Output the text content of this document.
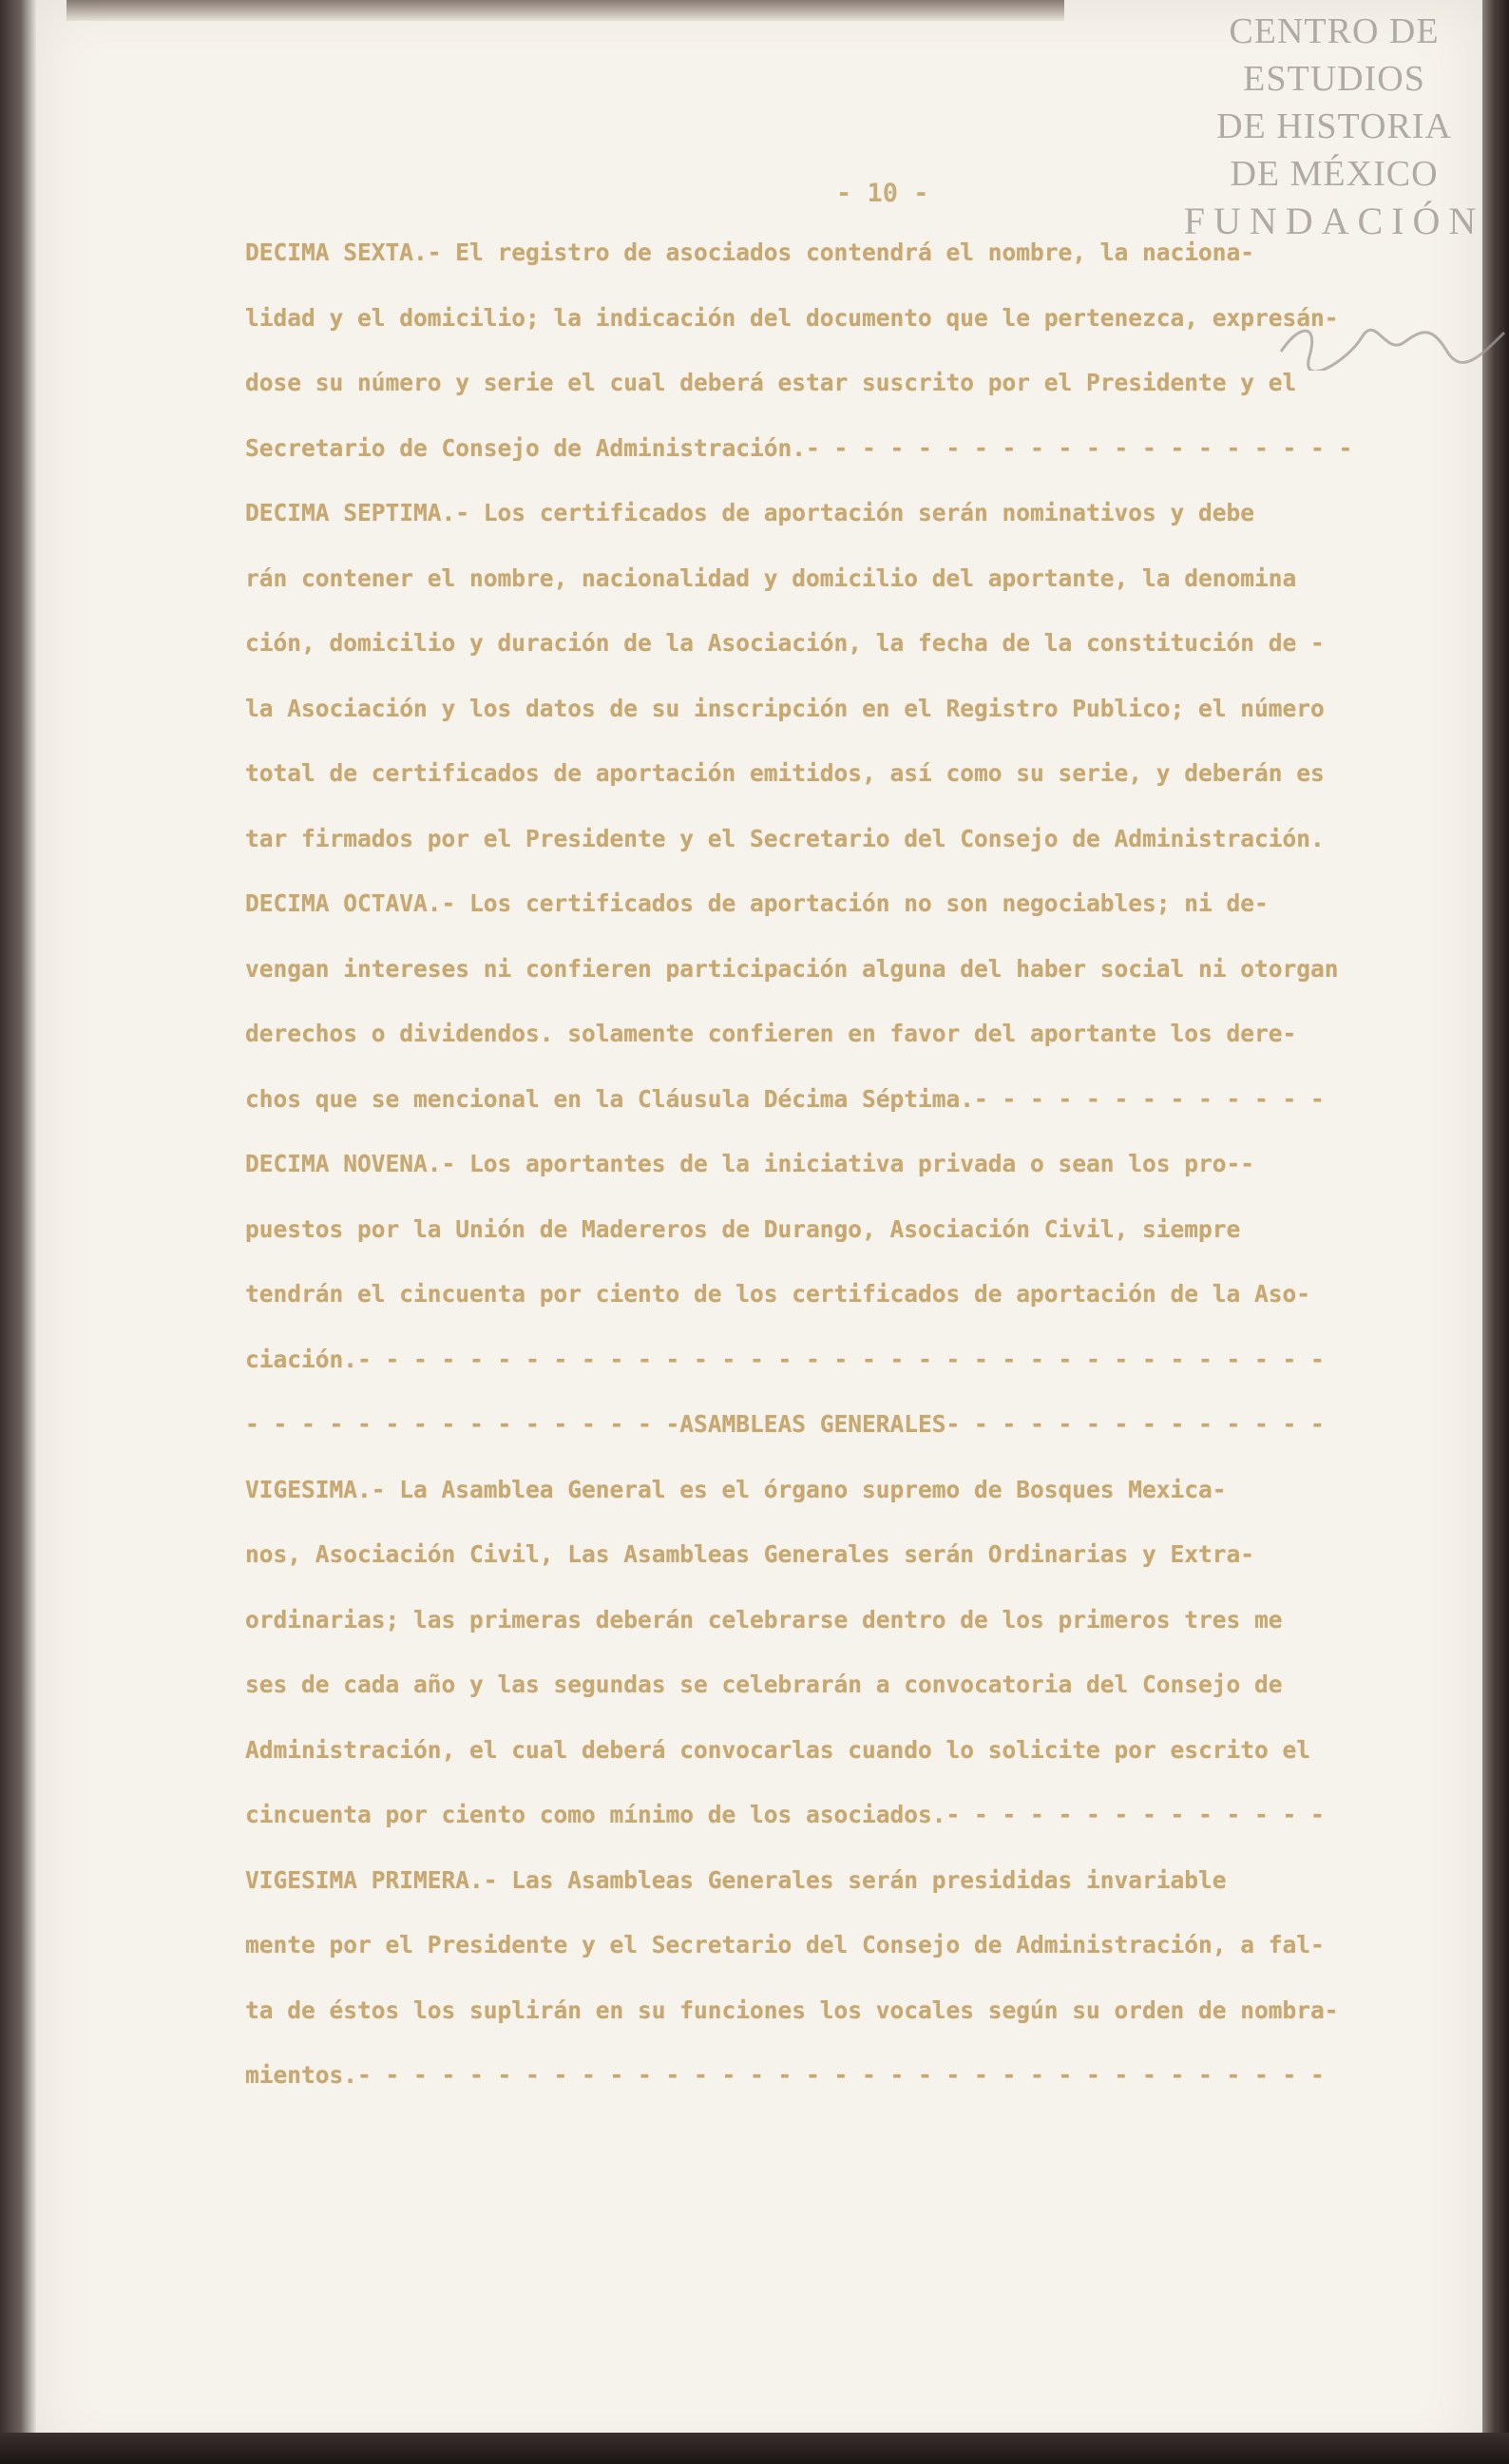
CENTRO DE
ESTUDIOS
DE HISTORIA
DE MÉXICO
FUNDACIÓN
- 10 -
DECIMA SEXTA.- El registro de asociados contendrá el nombre, la naciona-
lidad y el domicilio; la indicación del documento que le pertenezca, expresán-
dose su número y serie el cual deberá estar suscrito por el Presidente y el
Secretario de Consejo de Administración.- - - - - - - - - - - - - - - - - - - -
DECIMA SEPTIMA.- Los certificados de aportación serán nominativos y debe
rán contener el nombre, nacionalidad y domicilio del aportante, la denomina
ción, domicilio y duración de la Asociación, la fecha de la constitución de -
la Asociación y los datos de su inscripción en el Registro Publico; el número
total de certificados de aportación emitidos, así como su serie, y deberán es
tar firmados por el Presidente y el Secretario del Consejo de Administración.
DECIMA OCTAVA.- Los certificados de aportación no son negociables; ni de-
vengan intereses ni confieren participación alguna del haber social ni otorgan
derechos o dividendos. solamente confieren en favor del aportante los dere-
chos que se mencional en la Cláusula Décima Séptima.- - - - - - - - - - - - -
DECIMA NOVENA.- Los aportantes de la iniciativa privada o sean los pro--
puestos por la Unión de Madereros de Durango, Asociación Civil, siempre
tendrán el cincuenta por ciento de los certificados de aportación de la Aso-
ciación.- - - - - - - - - - - - - - - - - - - - - - - - - - - - - - - - - - -
- - - - - - - - - - - - - - - -ASAMBLEAS GENERALES- - - - - - - - - - - - - -
VIGESIMA.- La Asamblea General es el órgano supremo de Bosques Mexica-
nos, Asociación Civil, Las Asambleas Generales serán Ordinarias y Extra-
ordinarias; las primeras deberán celebrarse dentro de los primeros tres me
ses de cada año y las segundas se celebrarán a convocatoria del Consejo de
Administración, el cual deberá convocarlas cuando lo solicite por escrito el
cincuenta por ciento como mínimo de los asociados.- - - - - - - - - - - - - -
VIGESIMA PRIMERA.- Las Asambleas Generales serán presididas invariable
mente por el Presidente y el Secretario del Consejo de Administración, a fal-
ta de éstos los suplirán en su funciones los vocales según su orden de nombra-
mientos.- - - - - - - - - - - - - - - - - - - - - - - - - - - - - - - - - - -
